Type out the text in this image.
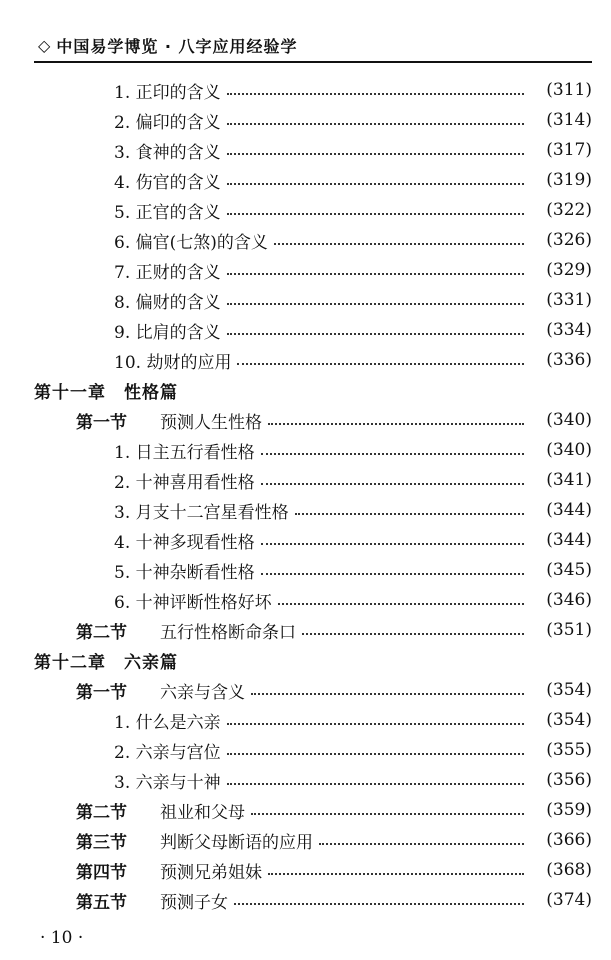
◇ 中国易学博览 · 八字应用经验学
1. 正印的含义	(311)
2. 偏印的含义	(314)
3. 食神的含义	(317)
4. 伤官的含义	(319)
5. 正官的含义	(322)
6. 偏官(七煞)的含义	(326)
7. 正财的含义	(329)
8. 偏财的含义	(331)
9. 比肩的含义	(334)
10. 劫财的应用	(336)
第十一章 性格篇
第一节 预测人生性格	(340)
1. 日主五行看性格	(340)
2. 十神喜用看性格	(341)
3. 月支十二宫星看性格	(344)
4. 十神多现看性格	(344)
5. 十神杂断看性格	(345)
6. 十神评断性格好坏	(346)
第二节 五行性格断命条口	(351)
第十二章 六亲篇
第一节 六亲与含义	(354)
1. 什么是六亲	(354)
2. 六亲与宫位	(355)
3. 六亲与十神	(356)
第二节 祖业和父母	(359)
第三节 判断父母断语的应用	(366)
第四节 预测兄弟姐妹	(368)
第五节 预测子女	(374)
· 10 ·
